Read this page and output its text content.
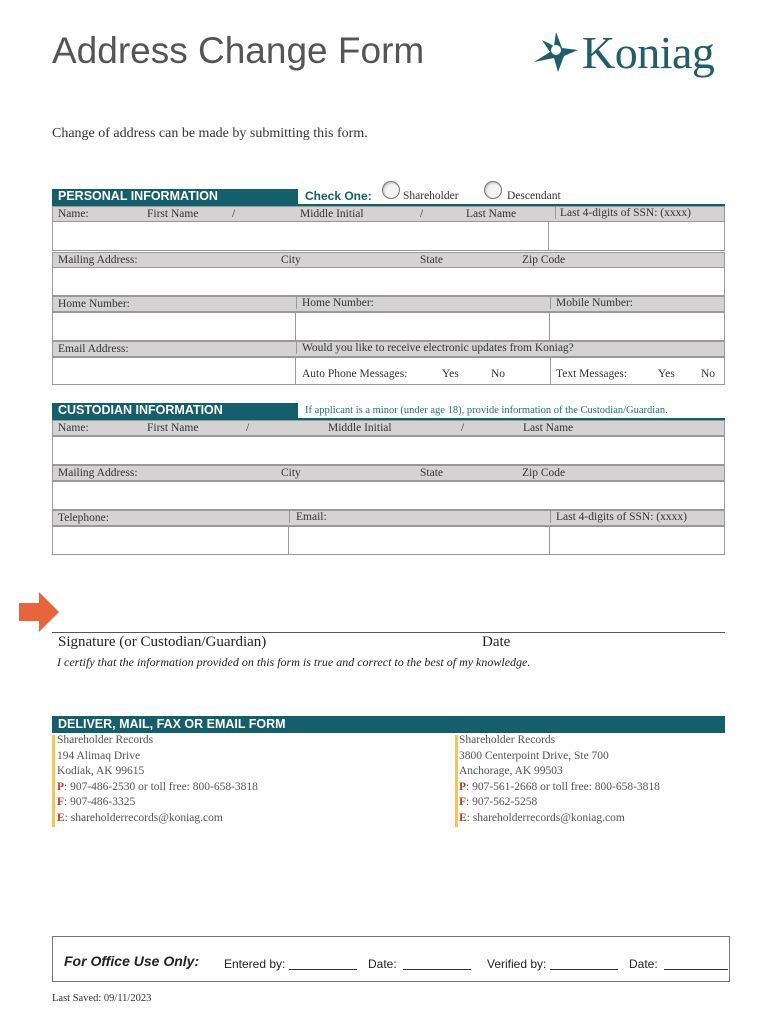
Address Change Form	Koniag
Change of address can be made by submitting this form.
PERSONAL INFORMATION	Check One:	Shareholder	Descendant
Name:	First Name	/	Middle Initial	/	Last Name	Last 4-digits of SSN: (xxxx)
Mailing Address:	City	State	Zip Code
Home Number:	Home Number:	Mobile Number:
Email Address:	Would you like to receive electronic updates from Koniag?
Auto Phone Messages:	Yes	No	Text Messages:	Yes No
CUSTODIAN INFORMATION	If applicant is a minor (under age 18), provide information of the Custodian/Guardian.
Name:	First Name	/	Middle Initial	/	Last Name
Mailing Address:	City	State	Zip Code
Telephone:	Email:	Last 4-digits of SSN: (xxxx)
Signature (or Custodian/Guardian)	Date
I certify that the information provided on this form is true and correct to the best of my knowledge.
DELIVER, MAIL, FAX OR EMAIL FORM
Shareholder Records
194 Alimaq Drive
Kodiak, AK 99615
P: 907-486-2530 or toll free: 800-658-3818
F: 907-486-3325
E: shareholderrecords@koniag.com
Shareholder Records
3800 Centerpoint Drive, Ste 700
Anchorage, AK 99503
P: 907-561-2668 or toll free: 800-658-3818
F: 907-562-5258
E: shareholderrecords@koniag.com
For Office Use Only: Entered by:	Date:	Verified by:	Date:
Last Saved: 09/11/2023
